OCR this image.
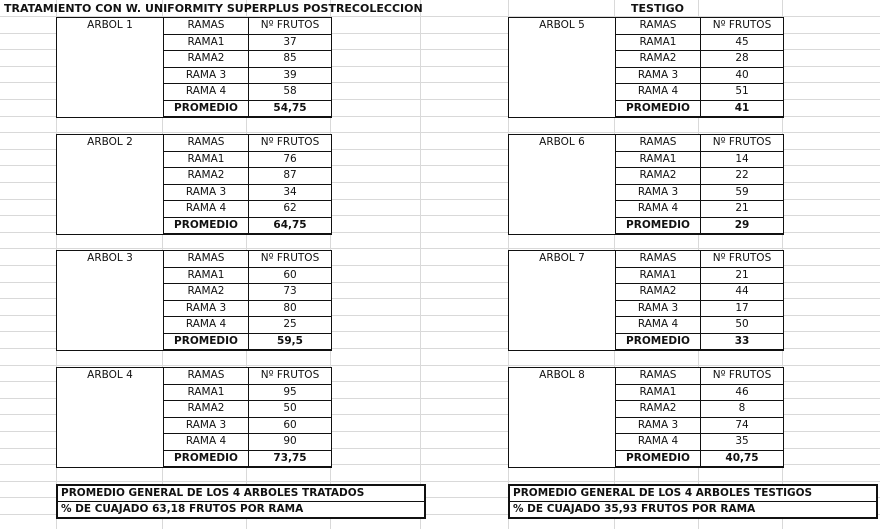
TRATAMIENTO CON W. UNIFORMITY SUPERPLUS POSTRECOLECCION	TESTIGO
ARBOL 1	RAMAS	Nº FRUTOS
	RAMA1	37
	RAMA2	85
	RAMA 3	39
	RAMA 4	58
	PROMEDIO	54,75
ARBOL 2	RAMAS	Nº FRUTOS
	RAMA1	76
	RAMA2	87
	RAMA 3	34
	RAMA 4	62
	PROMEDIO	64,75
ARBOL 3	RAMAS	Nº FRUTOS
	RAMA1	60
	RAMA2	73
	RAMA 3	80
	RAMA 4	25
	PROMEDIO	59,5
ARBOL 4	RAMAS	Nº FRUTOS
	RAMA1	95
	RAMA2	50
	RAMA 3	60
	RAMA 4	90
	PROMEDIO	73,75
ARBOL 5	RAMAS	Nº FRUTOS
	RAMA1	45
	RAMA2	28
	RAMA 3	40
	RAMA 4	51
	PROMEDIO	41
ARBOL 6	RAMAS	Nº FRUTOS
	RAMA1	14
	RAMA2	22
	RAMA 3	59
	RAMA 4	21
	PROMEDIO	29
ARBOL 7	RAMAS	Nº FRUTOS
	RAMA1	21
	RAMA2	44
	RAMA 3	17
	RAMA 4	50
	PROMEDIO	33
ARBOL 8	RAMAS	Nº FRUTOS
	RAMA1	46
	RAMA2	8
	RAMA 3	74
	RAMA 4	35
	PROMEDIO	40,75
PROMEDIO GENERAL DE LOS 4 ARBOLES TRATADOS
% DE CUAJADO 63,18 FRUTOS POR RAMA
PROMEDIO GENERAL DE LOS 4 ARBOLES TESTIGOS
% DE CUAJADO 35,93 FRUTOS POR RAMA
